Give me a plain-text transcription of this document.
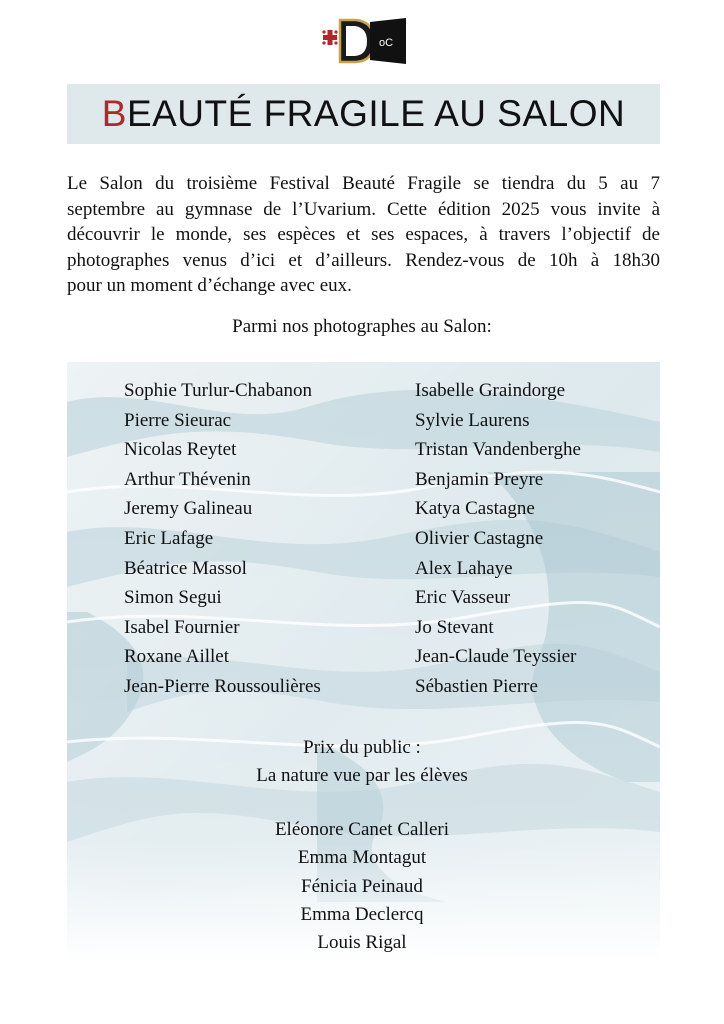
oC
BEAUTÉ FRAGILE AU SALON
Le Salon du troisième Festival Beauté Fragile se tiendra du 5 au 7
septembre au gymnase de l’Uvarium. Cette édition 2025 vous invite à
découvrir le monde, ses espèces et ses espaces, à travers l’objectif de
photographes venus d’ici et d’ailleurs. Rendez-vous de 10h à 18h30
pour un moment d’échange avec eux.
Parmi nos photographes au Salon:
Sophie Turlur-Chabanon
Pierre Sieurac
Nicolas Reytet
Arthur Thévenin
Jeremy Galineau
Eric Lafage
Béatrice Massol
Simon Segui
Isabel Fournier
Roxane Aillet
Jean-Pierre Roussoulières
Isabelle Graindorge
Sylvie Laurens
Tristan Vandenberghe
Benjamin Preyre
Katya Castagne
Olivier Castagne
Alex Lahaye
Eric Vasseur
Jo Stevant
Jean-Claude Teyssier
Sébastien Pierre
Prix du public :
La nature vue par les élèves
Eléonore Canet Calleri
Emma Montagut
Fénicia Peinaud
Emma Declercq
Louis Rigal
